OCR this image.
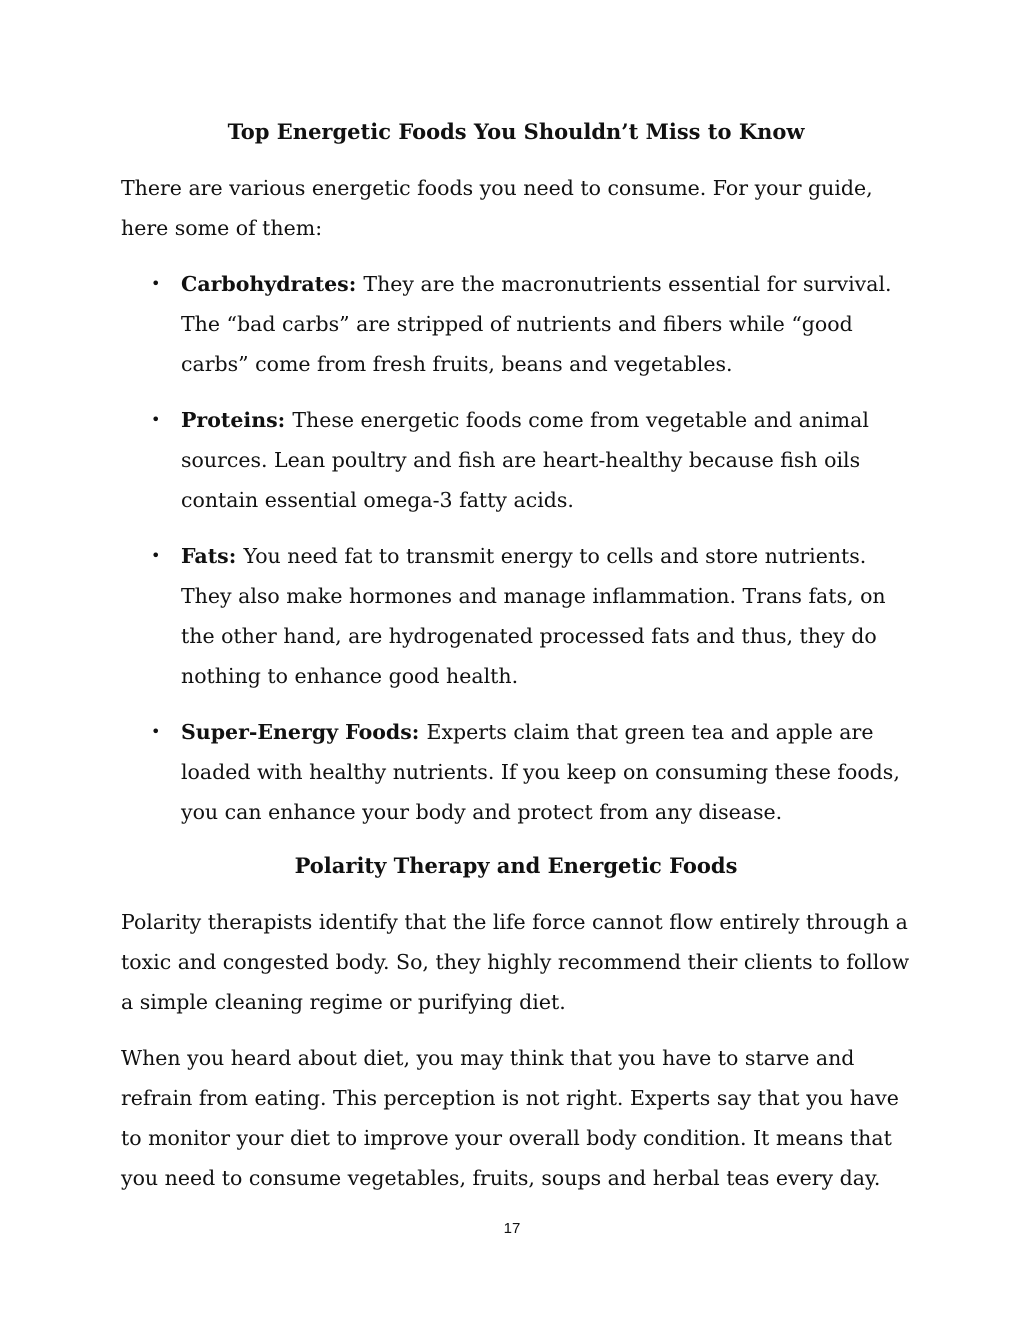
Top Energetic Foods You Shouldn’t Miss to Know

There are various energetic foods you need to consume. For your guide, here some of them:

• Carbohydrates: They are the macronutrients essential for survival. The “bad carbs” are stripped of nutrients and fibers while “good carbs” come from fresh fruits, beans and vegetables.
• Proteins: These energetic foods come from vegetable and animal sources. Lean poultry and fish are heart-healthy because fish oils contain essential omega-3 fatty acids.
• Fats: You need fat to transmit energy to cells and store nutrients. They also make hormones and manage inflammation. Trans fats, on the other hand, are hydrogenated processed fats and thus, they do nothing to enhance good health.
• Super-Energy Foods: Experts claim that green tea and apple are loaded with healthy nutrients. If you keep on consuming these foods, you can enhance your body and protect from any disease.
Polarity Therapy and Energetic Foods

Polarity therapists identify that the life force cannot flow entirely through a toxic and congested body. So, they highly recommend their clients to follow a simple cleaning regime or purifying diet.

When you heard about diet, you may think that you have to starve and refrain from eating. This perception is not right. Experts say that you have to monitor your diet to improve your overall body condition. It means that you need to consume vegetables, fruits, soups and herbal teas every day.

17
